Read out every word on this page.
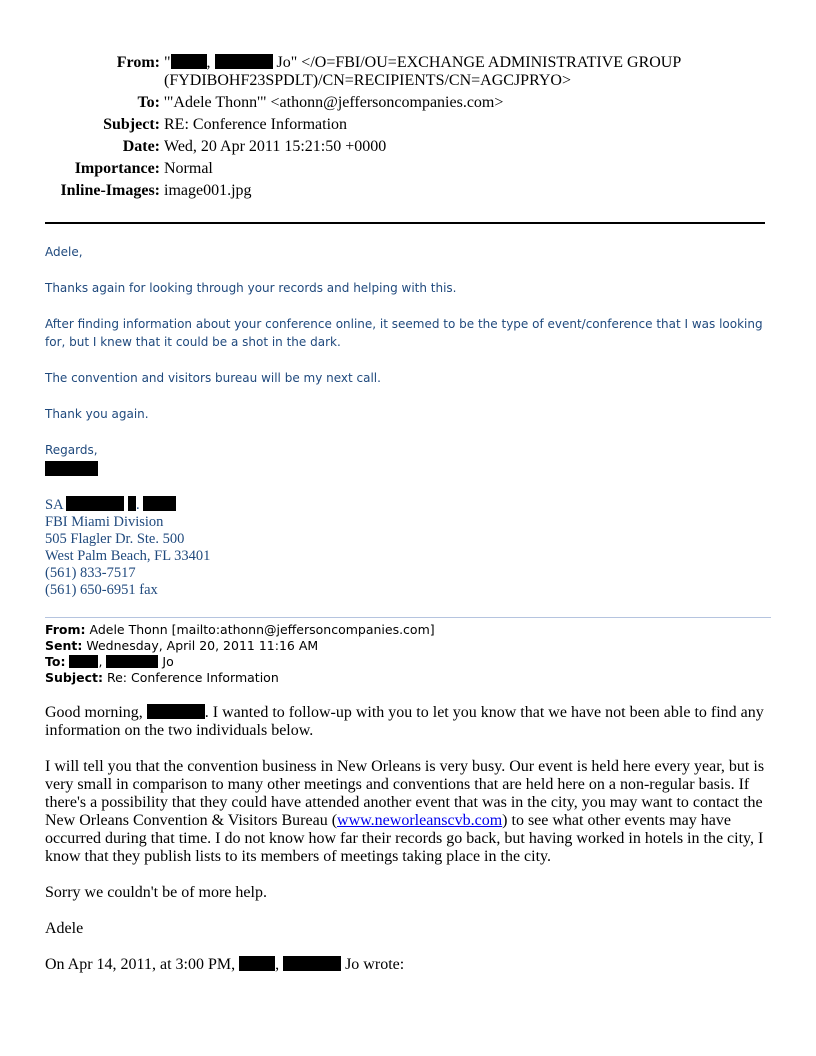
From: " ,	Jo" </O=FBI/OU=EXCHANGE ADMINISTRATIVE GROUP
(FYDIBOHF23SPDLT)/CN=RECIPIENTS/CN=AGCJPRYO>
To: '"Adele Thonn'" <athonn@jeffersoncompanies.com>
Subject: RE: Conference Information
Date: Wed, 20 Apr 2011 15:21:50 +0000
Importance: Normal
Inline-Images: image001.jpg
Adele,
Thanks again for looking through your records and helping with this.
After finding information about your conference online, it seemed to be the type of event/conference that I was looking for, but I knew that it could be a shot in the dark.
The convention and visitors bureau will be my next call.
Thank you again.
Regards,
SA	.
FBI Miami Division
505 Flagler Dr. Ste. 500
West Palm Beach, FL 33401
(561) 833-7517
(561) 650-6951 fax
From: Adele Thonn [mailto:athonn@jeffersoncompanies.com]
Sent: Wednesday, April 20, 2011 11:16 AM
To:	,	Jo
Subject: Re: Conference Information
Good morning,	. I wanted to follow-up with you to let you know that we have not been able to find any information on the two individuals below.
I will tell you that the convention business in New Orleans is very busy. Our event is held here every year, but is very small in comparison to many other meetings and conventions that are held here on a non-regular basis. If there's a possibility that they could have attended another event that was in the city, you may want to contact the New Orleans Convention & Visitors Bureau (www.neworleanscvb.com) to see what other events may have occurred during that time. I do not know how far their records go back, but having worked in hotels in the city, I know that they publish lists to its members of meetings taking place in the city.
Sorry we couldn't be of more help.
Adele
On Apr 14, 2011, at 3:00 PM, ,	Jo wrote:
